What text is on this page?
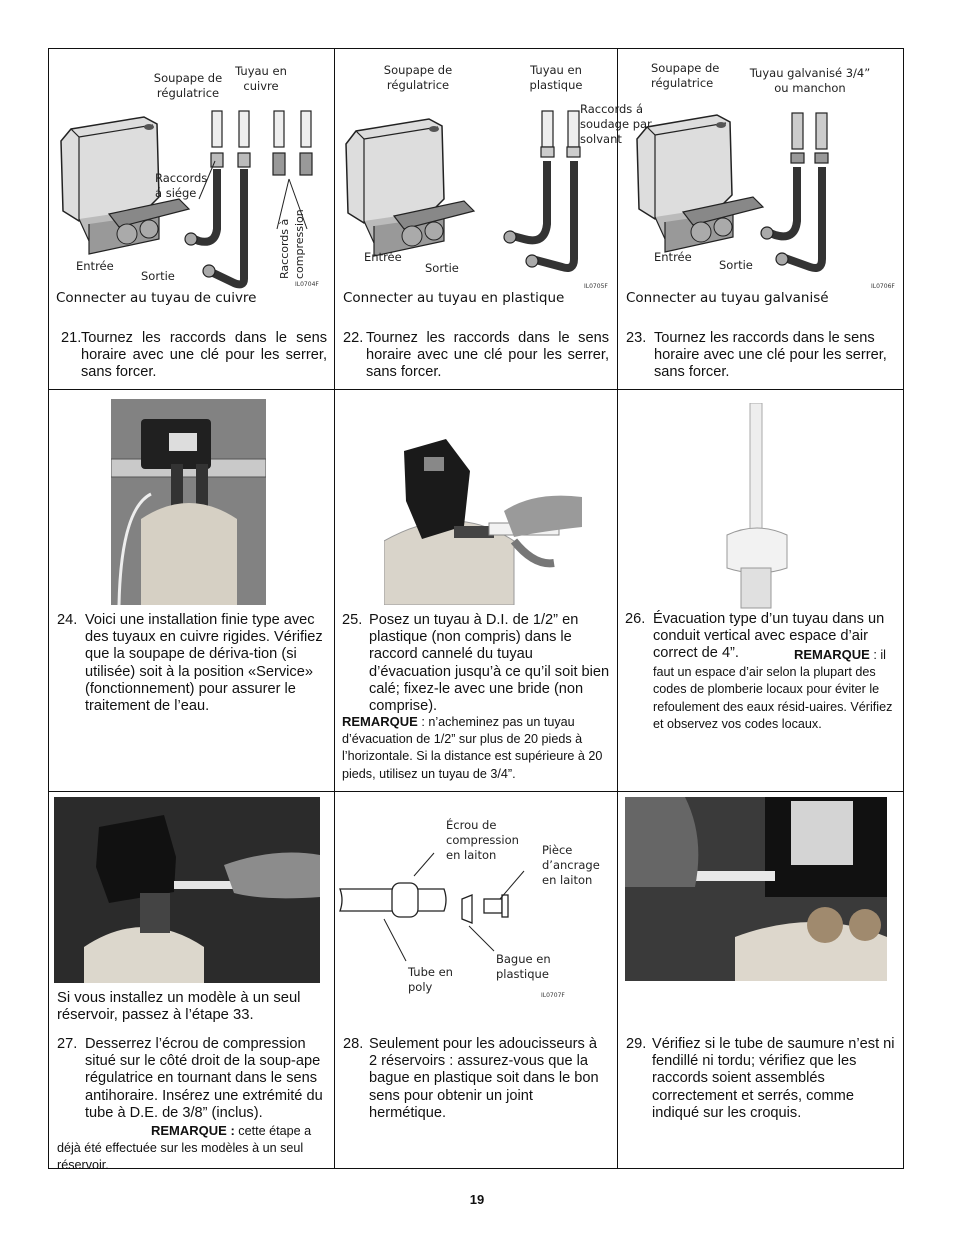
Soupape de régulatrice
Tuyau en cuivre
Raccords á siége
Raccords à compression
Entrée
Sortie
IL0704F
Connecter au tuyau de cuivre
21. Tournez les raccords dans le sens horaire avec une clé pour les serrer, sans forcer.
Soupape de régulatrice
Tuyau en plastique
Raccords á soudage par solvant
Entrée
Sortie
IL0705F
Connecter au tuyau en plastique
22. Tournez les raccords dans le sens horaire avec une clé pour les serrer, sans forcer.
Soupape de régulatrice
Tuyau galvanisé 3/4” ou manchon
Entrée
Sortie
IL0706F
Connecter au tuyau galvanisé
23. Tournez les raccords dans le sens horaire avec une clé pour les serrer, sans forcer.
24. Voici une installation finie type avec des tuyaux en cuivre rigides. Vérifiez que la soupape de dériva-tion (si utilisée) soit à la position «Service» (fonctionnement) pour assurer le traitement de l’eau.
25. Posez un tuyau à D.I. de 1/2” en plastique (non compris) dans le raccord cannelé du tuyau d’évacuation jusqu’à ce qu’il soit bien calé; fixez-le avec une bride (non comprise).
REMARQUE : n’acheminez pas un tuyau d’évacuation de 1/2” sur plus de 20 pieds à l’horizontale. Si la distance est supérieure à 20 pieds, utilisez un tuyau de 3/4”.
26. Évacuation type d’un tuyau dans un conduit vertical avec espace d’air correct de 4”.	REMARQUE : il faut un espace d’air selon la plupart des codes de plomberie locaux pour éviter le refoulement des eaux résid-uaires. Vérifiez et observez vos codes locaux.
Si vous installez un modèle à un seul réservoir, passez à l’étape 33.
27. Desserrez l’écrou de compression situé sur le côté droit de la soup-ape régulatrice en tournant dans le sens antihoraire. Insérez une extrémité du tube à D.E. de 3/8” (inclus).
REMARQUE : cette étape a déjà été effectuée sur les modèles à un seul réservoir.
Écrou de compression en laiton	Pièce d’ancrage en laiton
Tube en poly
Bague en plastique
IL0707F
28. Seulement pour les adoucisseurs à 2 réservoirs : assurez-vous que la bague en plastique soit dans le bon sens pour obtenir un joint hermétique.
29. Vérifiez si le tube de saumure n’est ni fendillé ni tordu; vérifiez que les raccords soient assemblés correctement et serrés, comme indiqué sur les croquis.
19
